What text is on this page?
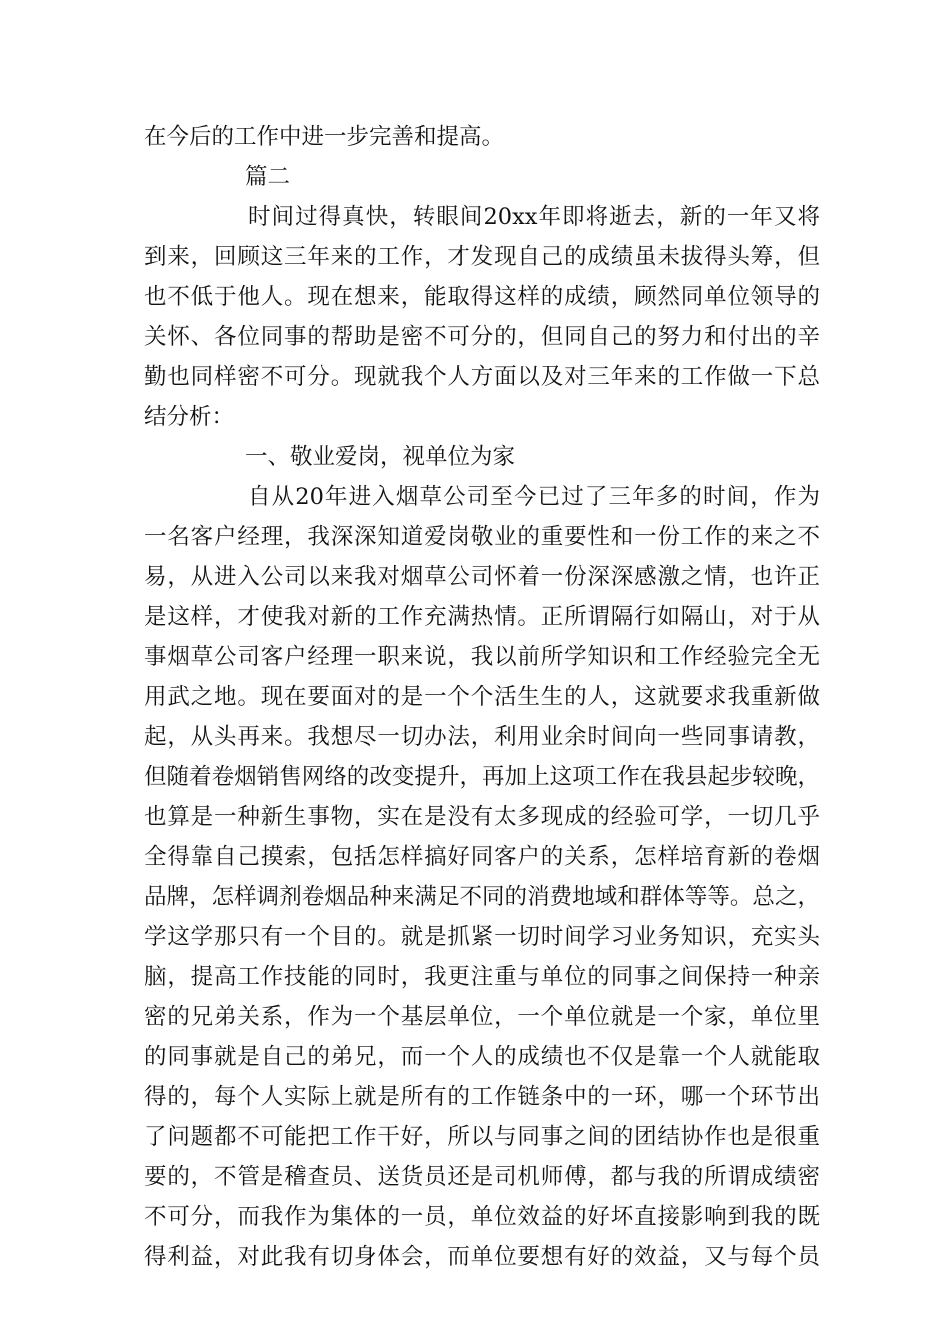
在今后的工作中进一步完善和提高。
篇二
时间过得真快，转眼间20xx年即将逝去，新的一年又将
到来，回顾这三年来的工作，才发现自己的成绩虽未拔得头筹，但
也不低于他人。现在想来，能取得这样的成绩，顾然同单位领导的
关怀、各位同事的帮助是密不可分的，但同自己的努力和付出的辛
勤也同样密不可分。现就我个人方面以及对三年来的工作做一下总
结分析：
一、敬业爱岗，视单位为家
自从20年进入烟草公司至今已过了三年多的时间，作为
一名客户经理，我深深知道爱岗敬业的重要性和一份工作的来之不
易，从进入公司以来我对烟草公司怀着一份深深感激之情，也许正
是这样，才使我对新的工作充满热情。正所谓隔行如隔山，对于从
事烟草公司客户经理一职来说，我以前所学知识和工作经验完全无
用武之地。现在要面对的是一个个活生生的人，这就要求我重新做
起，从头再来。我想尽一切办法，利用业余时间向一些同事请教，
但随着卷烟销售网络的改变提升，再加上这项工作在我县起步较晚，
也算是一种新生事物，实在是没有太多现成的经验可学，一切几乎
全得靠自己摸索，包括怎样搞好同客户的关系，怎样培育新的卷烟
品牌，怎样调剂卷烟品种来满足不同的消费地域和群体等等。总之，
学这学那只有一个目的。就是抓紧一切时间学习业务知识，充实头
脑，提高工作技能的同时，我更注重与单位的同事之间保持一种亲
密的兄弟关系，作为一个基层单位，一个单位就是一个家，单位里
的同事就是自己的弟兄，而一个人的成绩也不仅是靠一个人就能取
得的，每个人实际上就是所有的工作链条中的一环，哪一个环节出
了问题都不可能把工作干好，所以与同事之间的团结协作也是很重
要的，不管是稽查员、送货员还是司机师傅，都与我的所谓成绩密
不可分，而我作为集体的一员，单位效益的好坏直接影响到我的既
得利益，对此我有切身体会，而单位要想有好的效益，又与每个员
